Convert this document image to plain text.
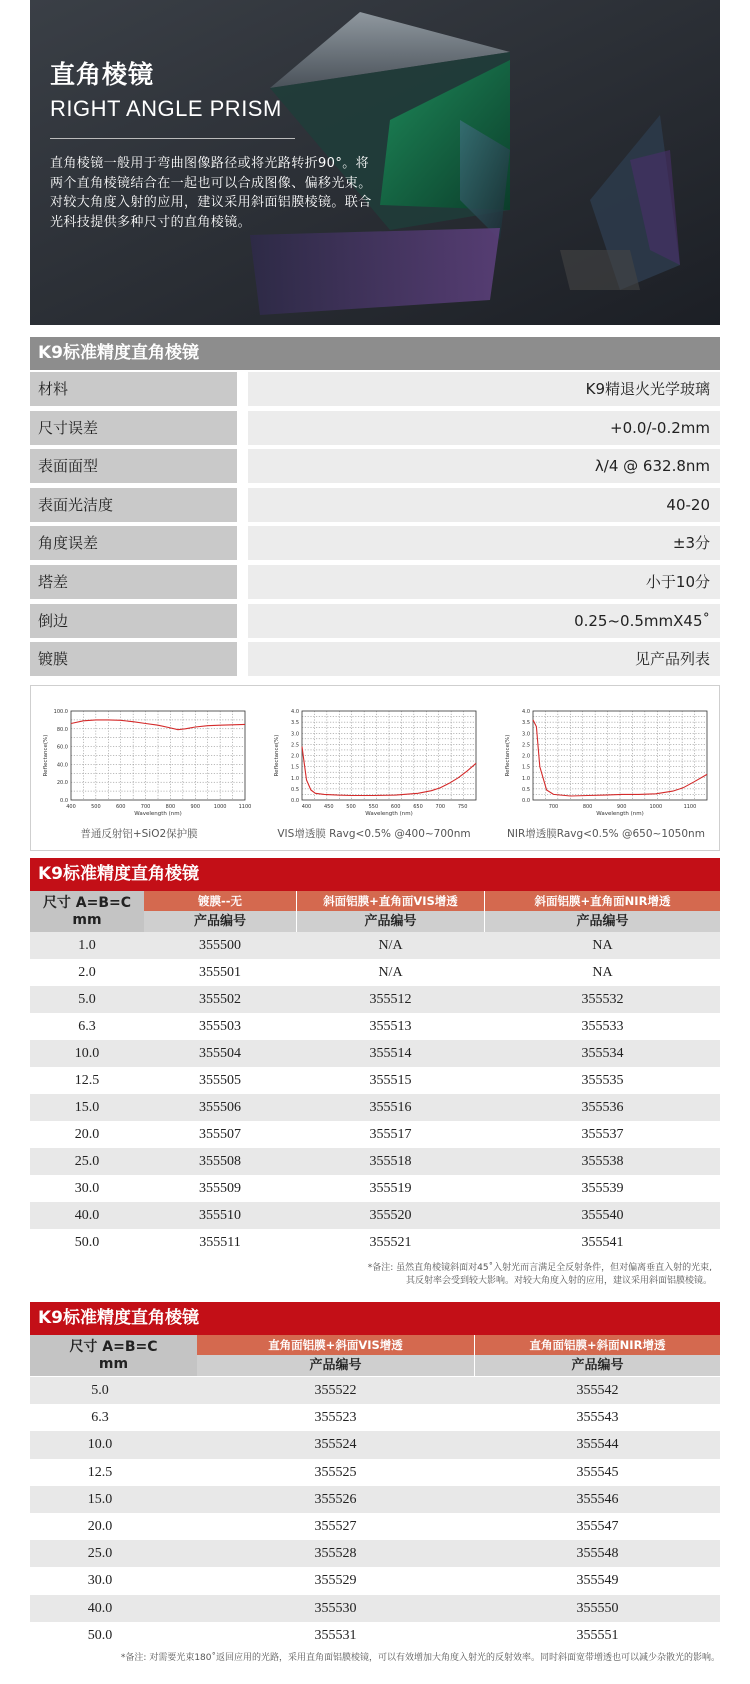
直角棱镜
RIGHT ANGLE PRISM
直角棱镜一般用于弯曲图像路径或将光路转折90°。将两个直角棱镜结合在一起也可以合成图像、偏移光束。对较大角度入射的应用，建议采用斜面铝膜棱镜。联合光科技提供多种尺寸的直角棱镜。
K9标准精度直角棱镜
材料	K9精退火光学玻璃
尺寸误差	+0.0/-0.2mm
表面面型	λ/4 @ 632.8nm
表面光洁度	40-20
角度误差	±3分
塔差	小于10分
倒边	0.25~0.5mmX45˚
镀膜	见产品列表
0.0
20.0
40.0
60.0
80.0
100.0
400	500	600	700	800	900	1000 1100
Wavelength (nm)
Reflectance(%)
0.0
0.5
1.0
1.5
2.0
2.5
3.0
3.5
4.0
400	450	500	550	600	650	700	750
Wavelength (nm)
Reflectance(%)
0.0
0.5
1.0
1.5
2.0
2.5
3.0
3.5
4.0
700	800	900	1000	1100
Wavelength (nm)
Reflectance(%)
普通反射铝+SiO2保护膜	VIS增透膜 Ravg<0.5% @400~700nm	NIR增透膜Ravg<0.5% @650~1050nm
K9标准精度直角棱镜
尺寸 A=B=C
mm
镀膜--无	斜面铝膜+直角面VIS增透	斜面铝膜+直角面NIR增透
产品编号	产品编号	产品编号
1.0	355500	N/A	NA
2.0	355501	N/A	NA
5.0	355502	355512	355532
6.3	355503	355513	355533
10.0	355504	355514	355534
12.5	355505	355515	355535
15.0	355506	355516	355536
20.0	355507	355517	355537
25.0	355508	355518	355538
30.0	355509	355519	355539
40.0	355510	355520	355540
50.0	355511	355521	355541
*备注: 虽然直角棱镜斜面对45˚入射光而言满足全反射条件，但对偏离垂直入射的光束,
其反射率会受到较大影响。对较大角度入射的应用，建议采用斜面铝膜棱镜。
K9标准精度直角棱镜
尺寸 A=B=C
mm
直角面铝膜+斜面VIS增透	直角面铝膜+斜面NIR增透
产品编号	产品编号
5.0	355522	355542
6.3	355523	355543
10.0	355524	355544
12.5	355525	355545
15.0	355526	355546
20.0	355527	355547
25.0	355528	355548
30.0	355529	355549
40.0	355530	355550
50.0	355531	355551
*备注: 对需要光束180˚返回应用的光路，采用直角面铝膜棱镜，可以有效增加大角度入射光的反射效率。同时斜面宽带增透也可以减少杂散光的影响。
